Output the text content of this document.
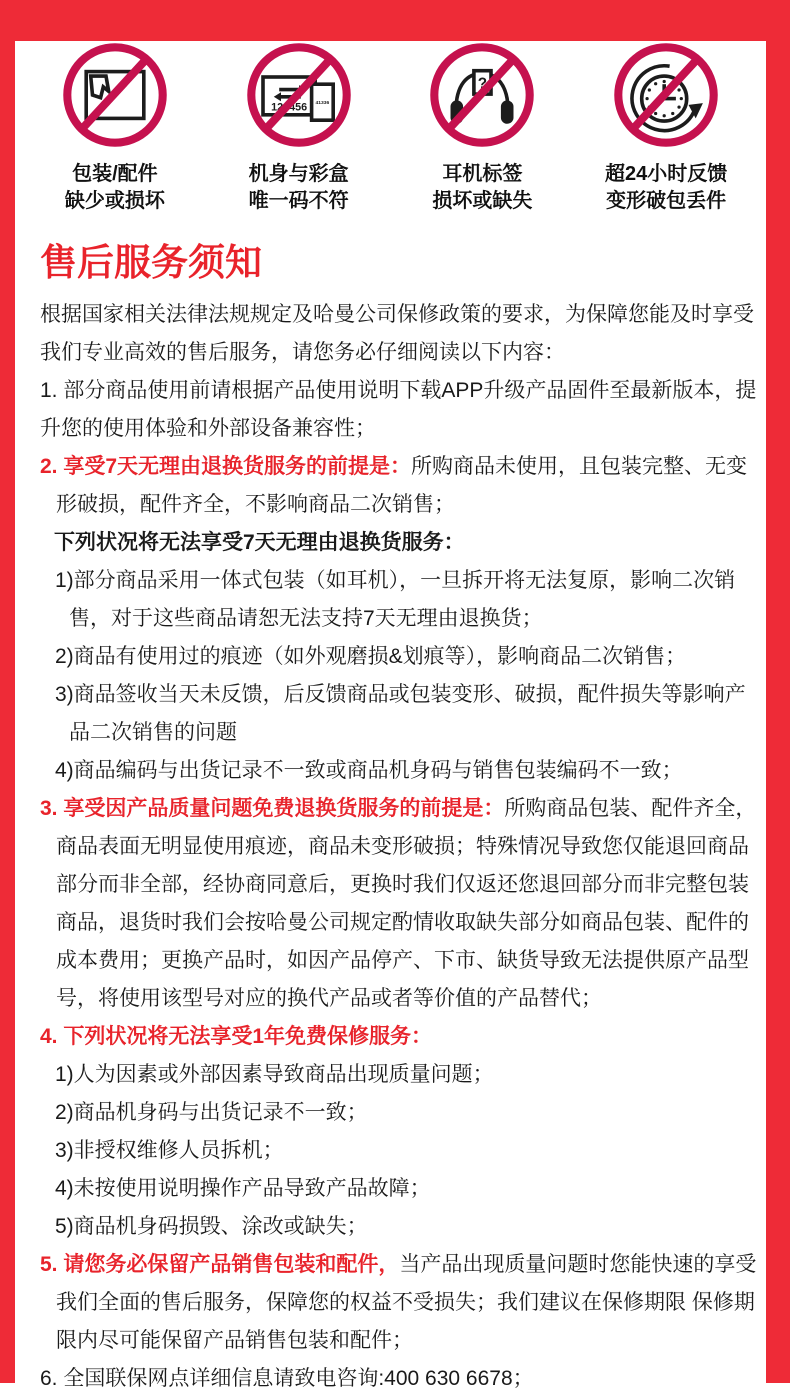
包装/配件
缺少或损坏
123456 41336
机身与彩盒
唯一码不符
?
耳机标签
损坏或缺失
超24小时反馈
变形破包丢件
售后服务须知

根据国家相关法律法规规定及哈曼公司保修政策的要求，为保障您能及时享受我们专业高效的售后服务，请您务必仔细阅读以下内容：

1. 部分商品使用前请根据产品使用说明下载APP升级产品固件至最新版本，提升您的使用体验和外部设备兼容性；

2. 享受7天无理由退换货服务的前提是：所购商品未使用，且包装完整、无变形破损，配件齐全，不影响商品二次销售；

下列状况将无法享受7天无理由退换货服务：

1)部分商品采用一体式包装（如耳机），一旦拆开将无法复原，影响二次销售，对于这些商品请恕无法支持7天无理由退换货；

2)商品有使用过的痕迹（如外观磨损&划痕等），影响商品二次销售；

3)商品签收当天未反馈，后反馈商品或包装变形、破损，配件损失等影响产品二次销售的问题

4)商品编码与出货记录不一致或商品机身码与销售包装编码不一致；

3. 享受因产品质量问题免费退换货服务的前提是：所购商品包装、配件齐全，商品表面无明显使用痕迹，商品未变形破损；特殊情况导致您仅能退回商品部分而非全部，经协商同意后，更换时我们仅返还您退回部分而非完整包装商品，退货时我们会按哈曼公司规定酌情收取缺失部分如商品包装、配件的成本费用；更换产品时，如因产品停产、下市、缺货导致无法提供原产品型号，将使用该型号对应的换代产品或者等价值的产品替代；

4. 下列状况将无法享受1年免费保修服务：

1)人为因素或外部因素导致商品出现质量问题；

2)商品机身码与出货记录不一致；

3)非授权维修人员拆机；

4)未按使用说明操作产品导致产品故障；

5)商品机身码损毁、涂改或缺失；

5. 请您务必保留产品销售包装和配件，当产品出现质量问题时您能快速的享受我们全面的售后服务，保障您的权益不受损失；我们建议在保修期限 保修期限内尽可能保留产品销售包装和配件；

6. 全国联保网点详细信息请致电咨询:400 630 6678；
